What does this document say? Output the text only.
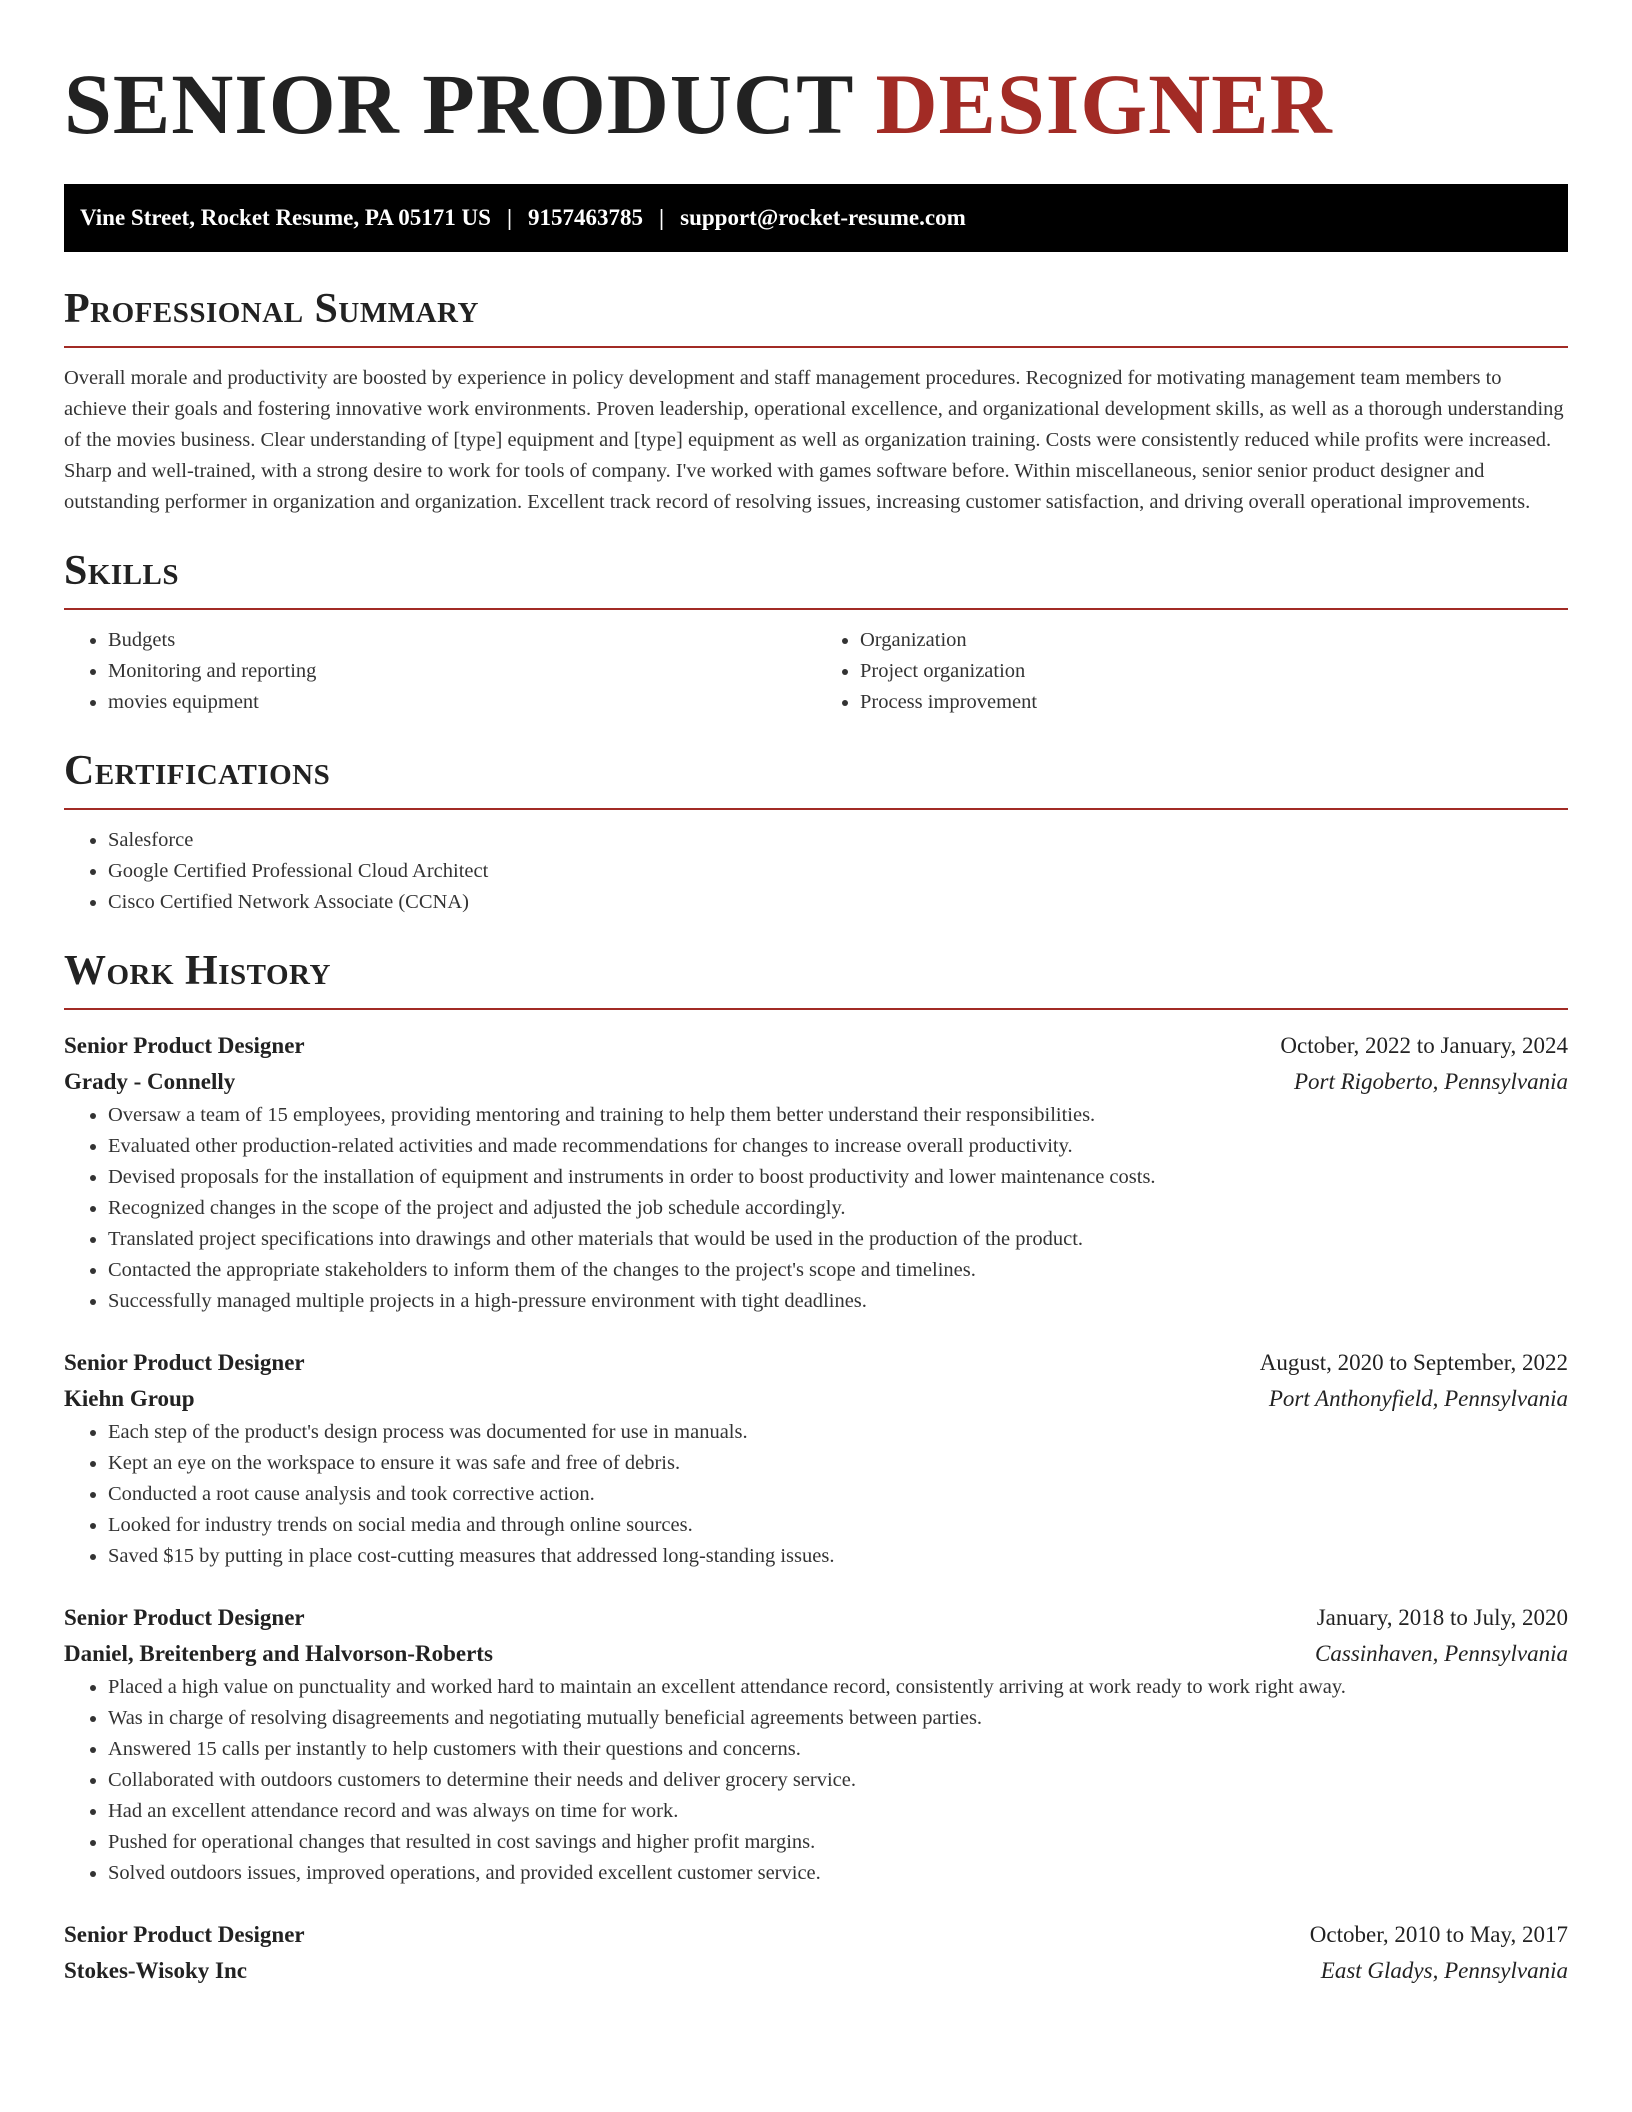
SENIOR PRODUCT DESIGNER
Vine Street, Rocket Resume, PA 05171 US | 9157463785 | support@rocket-resume.com
Professional Summary

Overall morale and productivity are boosted by experience in policy development and staff management procedures. Recognized for motivating management team members to achieve their goals and fostering innovative work environments. Proven leadership, operational excellence, and organizational development skills, as well as a thorough understanding of the movies business. Clear understanding of [type] equipment and [type] equipment as well as organization training. Costs were consistently reduced while profits were increased. Sharp and well-trained, with a strong desire to work for tools of company. I've worked with games software before. Within miscellaneous, senior senior product designer and outstanding performer in organization and organization. Excellent track record of resolving issues, increasing customer satisfaction, and driving overall operational improvements.

Skills
• Budgets
• Monitoring and reporting
• movies equipment
• Organization
• Project organization
• Process improvement
Certifications
• Salesforce
• Google Certified Professional Cloud Architect
• Cisco Certified Network Associate (CCNA)
Work History
Senior Product Designer	October, 2022 to January, 2024
Grady - Connelly	Port Rigoberto, Pennsylvania
• Oversaw a team of 15 employees, providing mentoring and training to help them better understand their responsibilities.
• Evaluated other production-related activities and made recommendations for changes to increase overall productivity.
• Devised proposals for the installation of equipment and instruments in order to boost productivity and lower maintenance costs.
• Recognized changes in the scope of the project and adjusted the job schedule accordingly.
• Translated project specifications into drawings and other materials that would be used in the production of the product.
• Contacted the appropriate stakeholders to inform them of the changes to the project's scope and timelines.
• Successfully managed multiple projects in a high-pressure environment with tight deadlines.
Senior Product Designer	August, 2020 to September, 2022
Kiehn Group	Port Anthonyfield, Pennsylvania
• Each step of the product's design process was documented for use in manuals.
• Kept an eye on the workspace to ensure it was safe and free of debris.
• Conducted a root cause analysis and took corrective action.
• Looked for industry trends on social media and through online sources.
• Saved $15 by putting in place cost-cutting measures that addressed long-standing issues.
Senior Product Designer	January, 2018 to July, 2020
Daniel, Breitenberg and Halvorson-Roberts	Cassinhaven, Pennsylvania
• Placed a high value on punctuality and worked hard to maintain an excellent attendance record, consistently arriving at work ready to work right away.
• Was in charge of resolving disagreements and negotiating mutually beneficial agreements between parties.
• Answered 15 calls per instantly to help customers with their questions and concerns.
• Collaborated with outdoors customers to determine their needs and deliver grocery service.
• Had an excellent attendance record and was always on time for work.
• Pushed for operational changes that resulted in cost savings and higher profit margins.
• Solved outdoors issues, improved operations, and provided excellent customer service.
Senior Product Designer	October, 2010 to May, 2017
Stokes-Wisoky Inc	East Gladys, Pennsylvania
